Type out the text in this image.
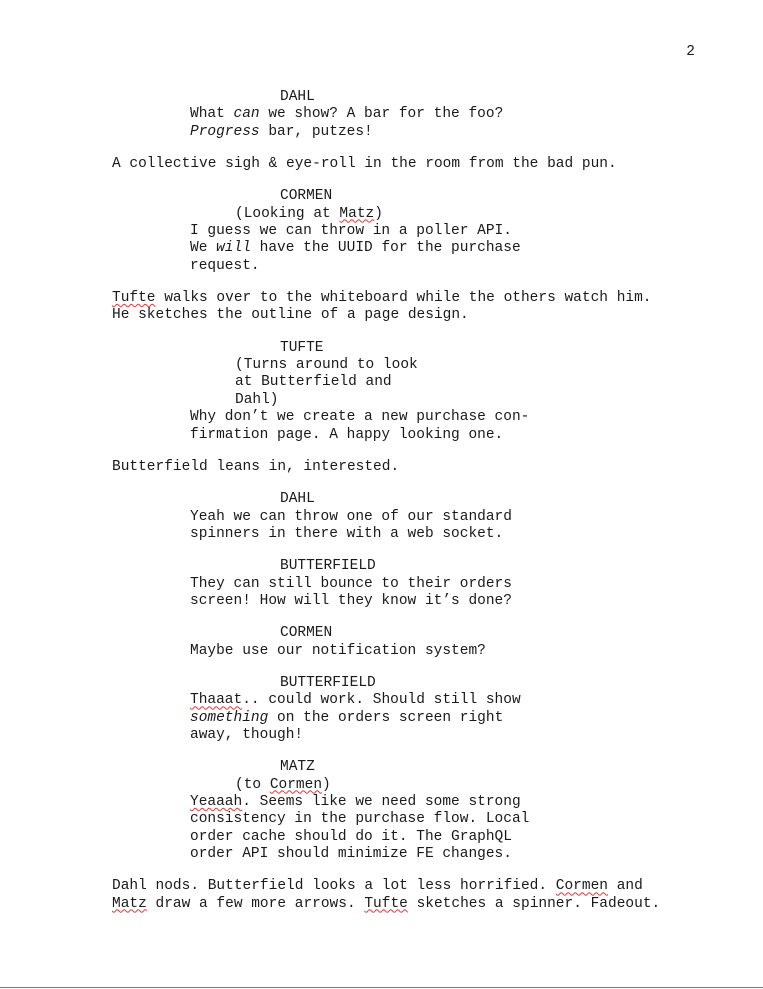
2
DAHL
What can we show? A bar for the foo?
Progress bar, putzes!
A collective sigh & eye-roll in the room from the bad pun.
CORMEN
(Looking at Matz)
I guess we can throw in a poller API.
We will have the UUID for the purchase
request.
Tufte walks over to the whiteboard while the others watch him.
He sketches the outline of a page design.
TUFTE
(Turns around to look
at Butterfield and
Dahl)
Why don’t we create a new purchase con-
firmation page. A happy looking one.
Butterfield leans in, interested.
DAHL
Yeah we can throw one of our standard
spinners in there with a web socket.
BUTTERFIELD
They can still bounce to their orders
screen! How will they know it’s done?
CORMEN
Maybe use our notification system?
BUTTERFIELD
Thaaat.. could work. Should still show
something on the orders screen right
away, though!
MATZ
(to Cormen)
Yeaaah. Seems like we need some strong
consistency in the purchase flow. Local
order cache should do it. The GraphQL
order API should minimize FE changes.
Dahl nods. Butterfield looks a lot less horrified. Cormen and
Matz draw a few more arrows. Tufte sketches a spinner. Fadeout.
